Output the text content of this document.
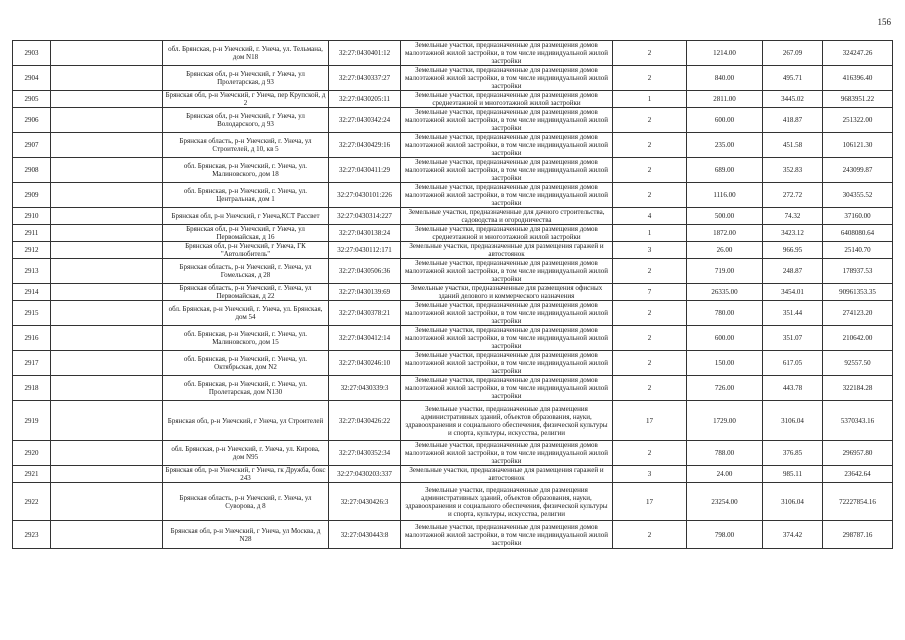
156
2903		обл. Брянская, р-н Унечский, г. Унеча, ул. Тельмана, дом N18	32:27:0430401:12	Земельные участки, предназначенные для размещения домов малоэтажной жилой застройки, в том числе индивидуальной жилой застройки	2	1214.00	267.09	324247.26
2904		Брянская обл, р-н Унечский, г Унеча, ул Пролетарская, д 93	32:27:0430337:27	Земельные участки, предназначенные для размещения домов малоэтажной жилой застройки, в том числе индивидуальной жилой застройки	2	840.00	495.71	416396.40
2905		Брянская обл, р-н Унечский, г Унеча, пер Крупской, д 2	32:27:0430205:11	Земельные участки, предназначенные для размещения домов среднеэтажной и многоэтажной жилой застройки	1	2811.00	3445.02	9683951.22
2906		Брянская обл, р-н Унечский, г Унеча, ул Володарского, д 93	32:27:0430342:24	Земельные участки, предназначенные для размещения домов малоэтажной жилой застройки, в том числе индивидуальной жилой застройки	2	600.00	418.87	251322.00
2907		Брянская область, р-н Унечский, г. Унеча, ул Строителей, д 10, кв 5	32:27:0430429:16	Земельные участки, предназначенные для размещения домов малоэтажной жилой застройки, в том числе индивидуальной жилой застройки	2	235.00	451.58	106121.30
2908		обл. Брянская, р-н Унечский, г. Унеча, ул. Малиновского, дом 18	32:27:0430411:29	Земельные участки, предназначенные для размещения домов малоэтажной жилой застройки, в том числе индивидуальной жилой застройки	2	689.00	352.83	243099.87
2909		обл. Брянская, р-н Унечский, г. Унеча, ул. Центральная, дом 1	32:27:0430101:226	Земельные участки, предназначенные для размещения домов малоэтажной жилой застройки, в том числе индивидуальной жилой застройки	2	1116.00	272.72	304355.52
2910		Брянская обл, р-н Унечский, г Унеча,КСТ Рассвет	32:27:0430314:227	Земельные участки, предназначенные для дачного строительства, садоводства и огородничества	4	500.00	74.32	37160.00
2911		Брянская обл, р-н Унечский, г Унеча, ул Первомайская, д 16	32:27:0430138:24	Земельные участки, предназначенные для размещения домов среднеэтажной и многоэтажной жилой застройки	1	1872.00	3423.12	6408080.64
2912		Брянская обл, р-н Унечский, г Унеча, ГК "Автолюбитель"	32:27:0430112:171	Земельные участки, предназначенные для размещения гаражей и автостоянок	3	26.00	966.95	25140.70
2913		Брянская область, р-н Унечский, г. Унеча, ул Гомельская, д 28	32:27:0430506:36	Земельные участки, предназначенные для размещения домов малоэтажной жилой застройки, в том числе индивидуальной жилой застройки	2	719.00	248.87	178937.53
2914		Брянская область, р-н Унечский, г. Унеча, ул Первомайская, д 22	32:27:0430139:69	Земельные участки, предназначенные для размещения офисных зданий делового и коммерческого назначения	7	26335.00	3454.01	90961353.35
2915		обл. Брянская, р-н Унечский, г. Унеча, ул. Брянская, дом 54	32:27:0430378:21	Земельные участки, предназначенные для размещения домов малоэтажной жилой застройки, в том числе индивидуальной жилой застройки	2	780.00	351.44	274123.20
2916		обл. Брянская, р-н Унечский, г. Унеча, ул. Малиновского, дом 15	32:27:0430412:14	Земельные участки, предназначенные для размещения домов малоэтажной жилой застройки, в том числе индивидуальной жилой застройки	2	600.00	351.07	210642.00
2917		обл. Брянская, р-н Унечский, г. Унеча, ул. Октябрьская, дом N2	32:27:0430246:10	Земельные участки, предназначенные для размещения домов малоэтажной жилой застройки, в том числе индивидуальной жилой застройки	2	150.00	617.05	92557.50
2918		обл. Брянская, р-н Унечский, г. Унеча, ул. Пролетарская, дом N130	32:27:0430339:3	Земельные участки, предназначенные для размещения домов малоэтажной жилой застройки, в том числе индивидуальной жилой застройки	2	726.00	443.78	322184.28
2919		Брянская обл, р-н Унечский, г Унеча, ул Строителей	32:27:0430426:22	Земельные участки, предназначенные для размещения административных зданий, объектов образования, науки, здравоохранения и социального обеспечения, физической культуры и спорта, культуры, искусства, религии	17	1729.00	3106.04	5370343.16
2920		обл. Брянская, р-н Унечский, г. Унеча, ул. Кирова, дом N95	32:27:0430352:34	Земельные участки, предназначенные для размещения домов малоэтажной жилой застройки, в том числе индивидуальной жилой застройки	2	788.00	376.85	296957.80
2921		Брянская обл, р-н Унечский, г Унеча, гк Дружба, бокс 243	32:27:0430203:337	Земельные участки, предназначенные для размещения гаражей и автостоянок	3	24.00	985.11	23642.64
2922		Брянская область, р-н Унечский, г. Унеча, ул Суворова, д 8	32:27:0430426:3	Земельные участки, предназначенные для размещения административных зданий, объектов образования, науки, здравоохранения и социального обеспечения, физической культуры и спорта, культуры, искусства, религии	17	23254.00	3106.04	72227854.16
2923		Брянская обл, р-н Унечский, г Унеча, ул Моcква, д N28	32:27:0430443:8	Земельные участки, предназначенные для размещения домов малоэтажной жилой застройки, в том числе индивидуальной жилой застройки	2	798.00	374.42	298787.16
